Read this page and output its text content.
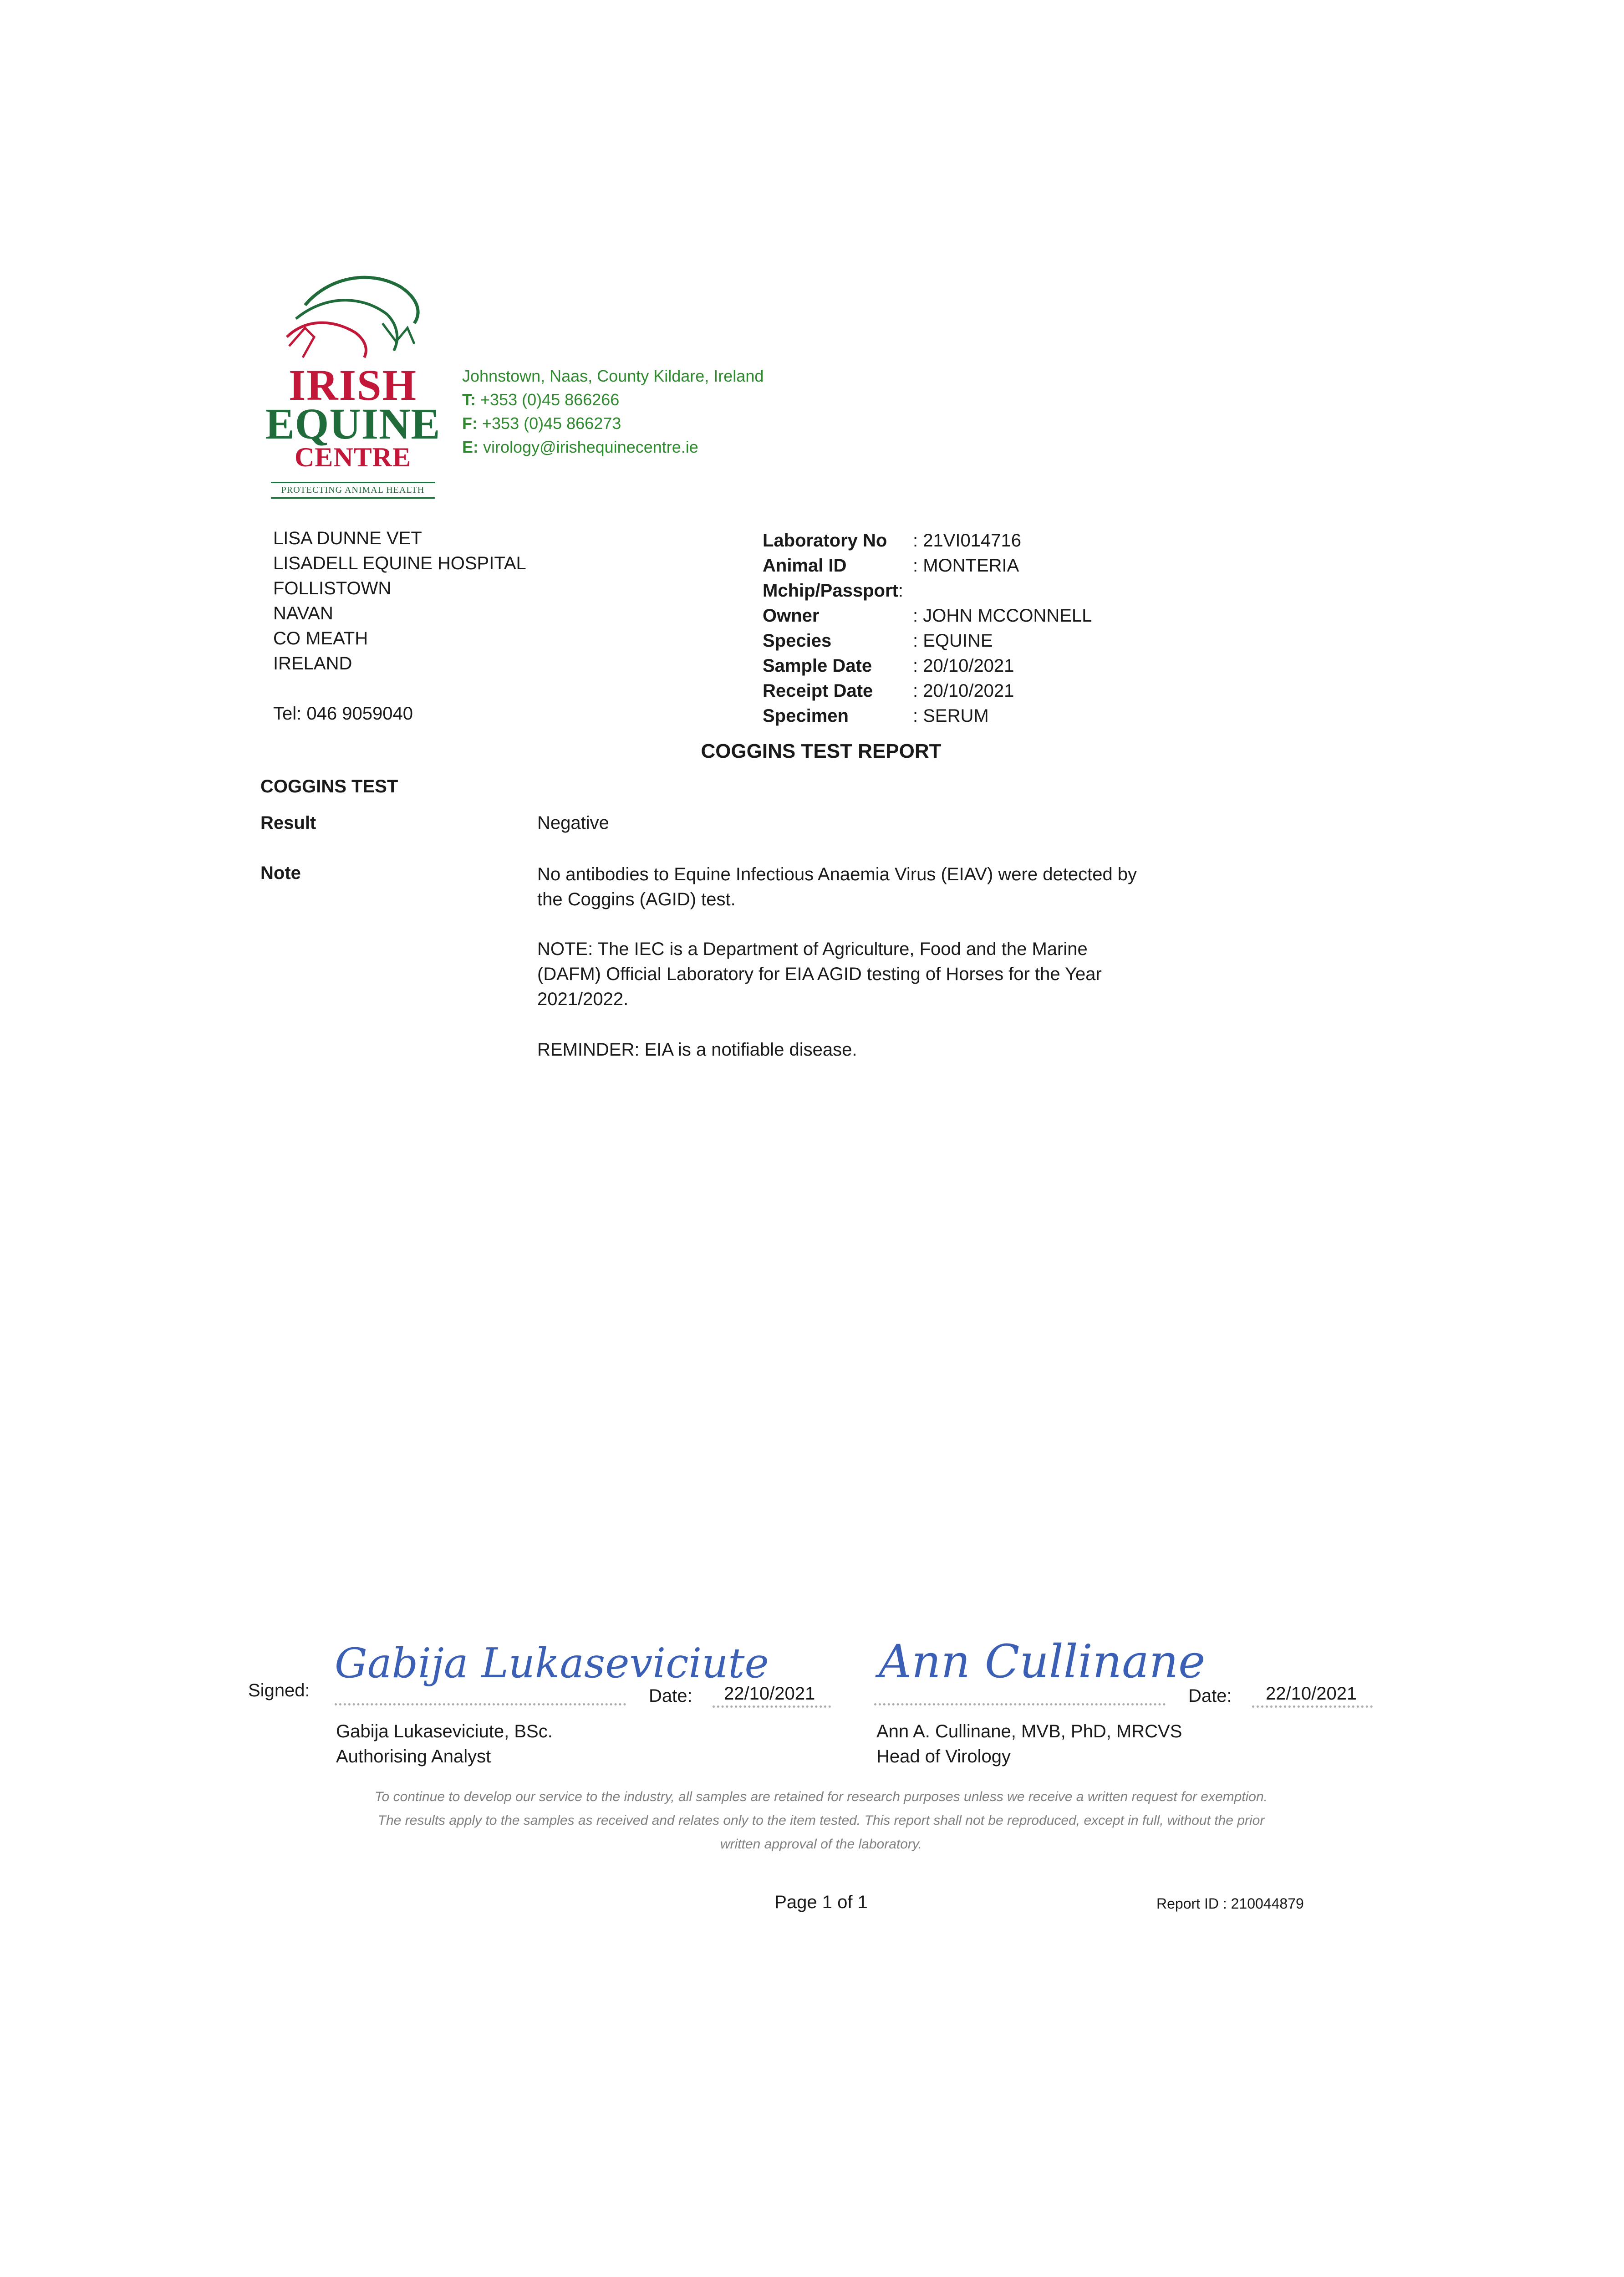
IRISH
EQUINE
CENTRE
PROTECTING ANIMAL HEALTH
Johnstown, Naas, County Kildare, Ireland
T: +353 (0)45 866266
F: +353 (0)45 866273
E: virology@irishequinecentre.ie
LISA DUNNE VET
LISADELL EQUINE HOSPITAL
FOLLISTOWN
NAVAN
CO MEATH
IRELAND
Tel: 046 9059040
Laboratory No	: 21VI014716
Animal ID	: MONTERIA
Mchip/Passport :
Owner	: JOHN MCCONNELL
Species	: EQUINE
Sample Date	: 20/10/2021
Receipt Date	: 20/10/2021
Specimen	: SERUM
COGGINS TEST REPORT
COGGINS TEST
Result	Negative
Note	No antibodies to Equine Infectious Anaemia Virus (EIAV) were detected by the Coggins (AGID) test.
NOTE: The IEC is a Department of Agriculture, Food and the Marine (DAFM) Official Laboratory for EIA AGID testing of Horses for the Year 2021/2022.
REMINDER: EIA is a notifiable disease.
Signed:
Gabija Lukaseviciute
Date: 22/10/2021
Gabija Lukaseviciute, BSc.
Authorising Analyst
Ann Cullinane
Date: 22/10/2021
Ann A. Cullinane, MVB, PhD, MRCVS
Head of Virology
To continue to develop our service to the industry, all samples are retained for research purposes unless we receive a written request for exemption.
The results apply to the samples as received and relates only to the item tested. This report shall not be reproduced, except in full, without the prior
written approval of the laboratory.
Page 1 of 1	Report ID : 210044879
